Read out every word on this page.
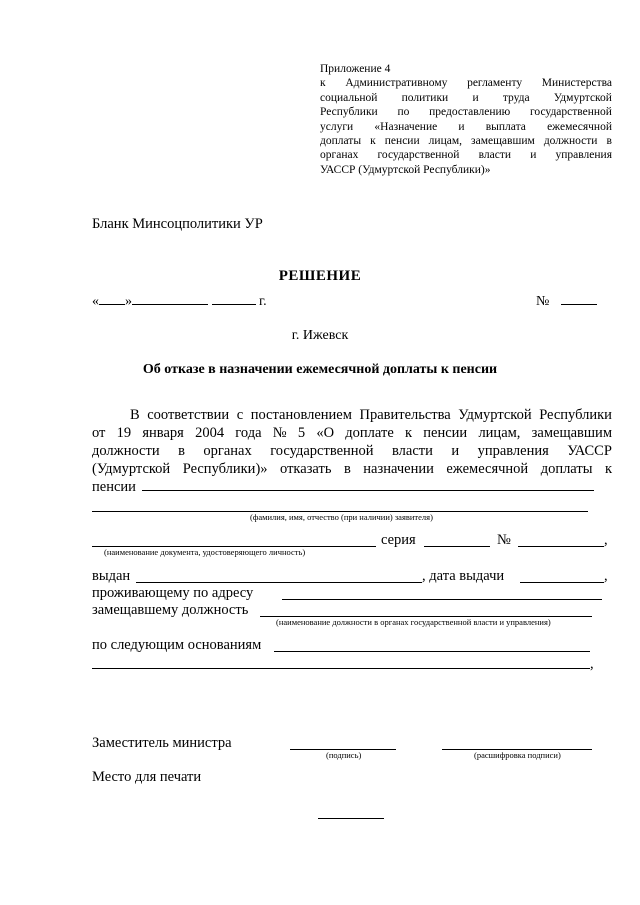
Приложение 4
к Административному регламенту Министерства
социальной политики и труда Удмуртской
Республики по предоставлению государственной
услуги «Назначение и выплата ежемесячной
доплаты к пенсии лицам, замещавшим должности в
органах государственной власти и управления
УАССР (Удмуртской Республики)»
Бланк Минсоцполитики УР
РЕШЕНИЕ
« »	г.	№
г. Ижевск
Об отказе в назначении ежемесячной доплаты к пенсии
В соответствии с постановлением Правительства Удмуртской Республики
от 19 января 2004 года № 5 «О доплате к пенсии лицам, замещавшим
должности в органах государственной власти и управления УАССР
(Удмуртской Республики)» отказать в назначении ежемесячной доплаты к
пенсии
(фамилия, имя, отчество (при наличии) заявителя)
серия	№	,
(наименование документа, удостоверяющего личность)
выдан	, дата выдачи	,
проживающему по адресу
замещавшему должность
(наименование должности в органах государственной власти и управления)
по следующим основаниям
,
Заместитель министра
(подпись)	(расшифровка подписи)
Место для печати
